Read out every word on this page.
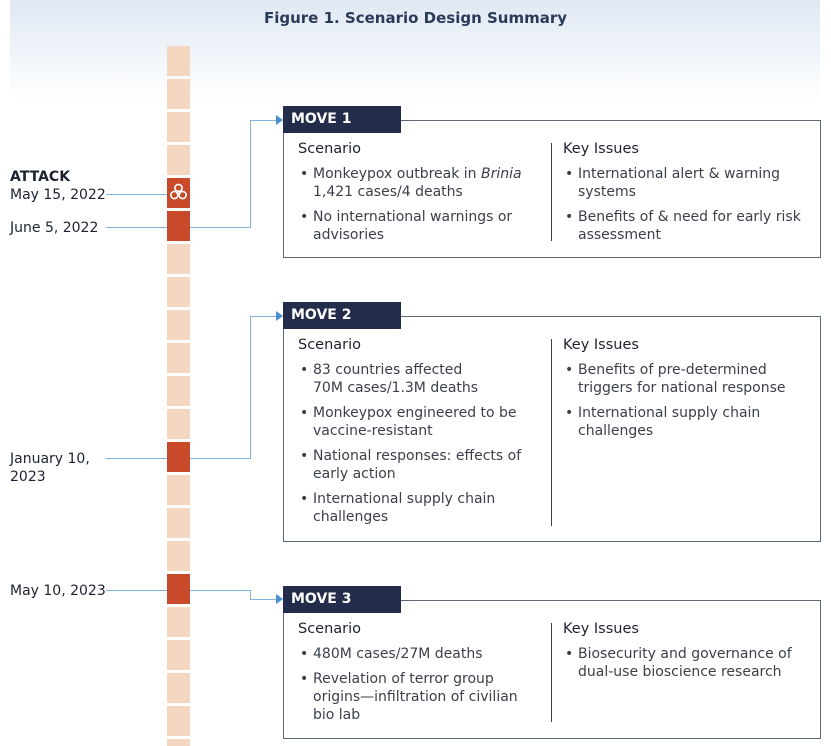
Figure 1. Scenario Design Summary
ATTACK
May 15, 2022
June 5, 2022
January 10, 2023
May 10, 2023
MOVE 1
Scenario
• Monkeypox outbreak in Brinia
1,421 cases/4 deaths
• No international warnings or advisories
Key Issues
• International alert & warning systems
• Benefits of & need for early risk assessment
MOVE 2
Scenario
• 83 countries affected
70M cases/1.3M deaths
• Monkeypox engineered to be vaccine-resistant
• National responses: effects of early action
• International supply chain challenges
Key Issues
• Benefits of pre-determined triggers for national response
• International supply chain challenges
MOVE 3
Scenario
• 480M cases/27M deaths
• Revelation of terror group origins—infiltration of civilian bio lab
Key Issues
• Biosecurity and governance of dual-use bioscience research
